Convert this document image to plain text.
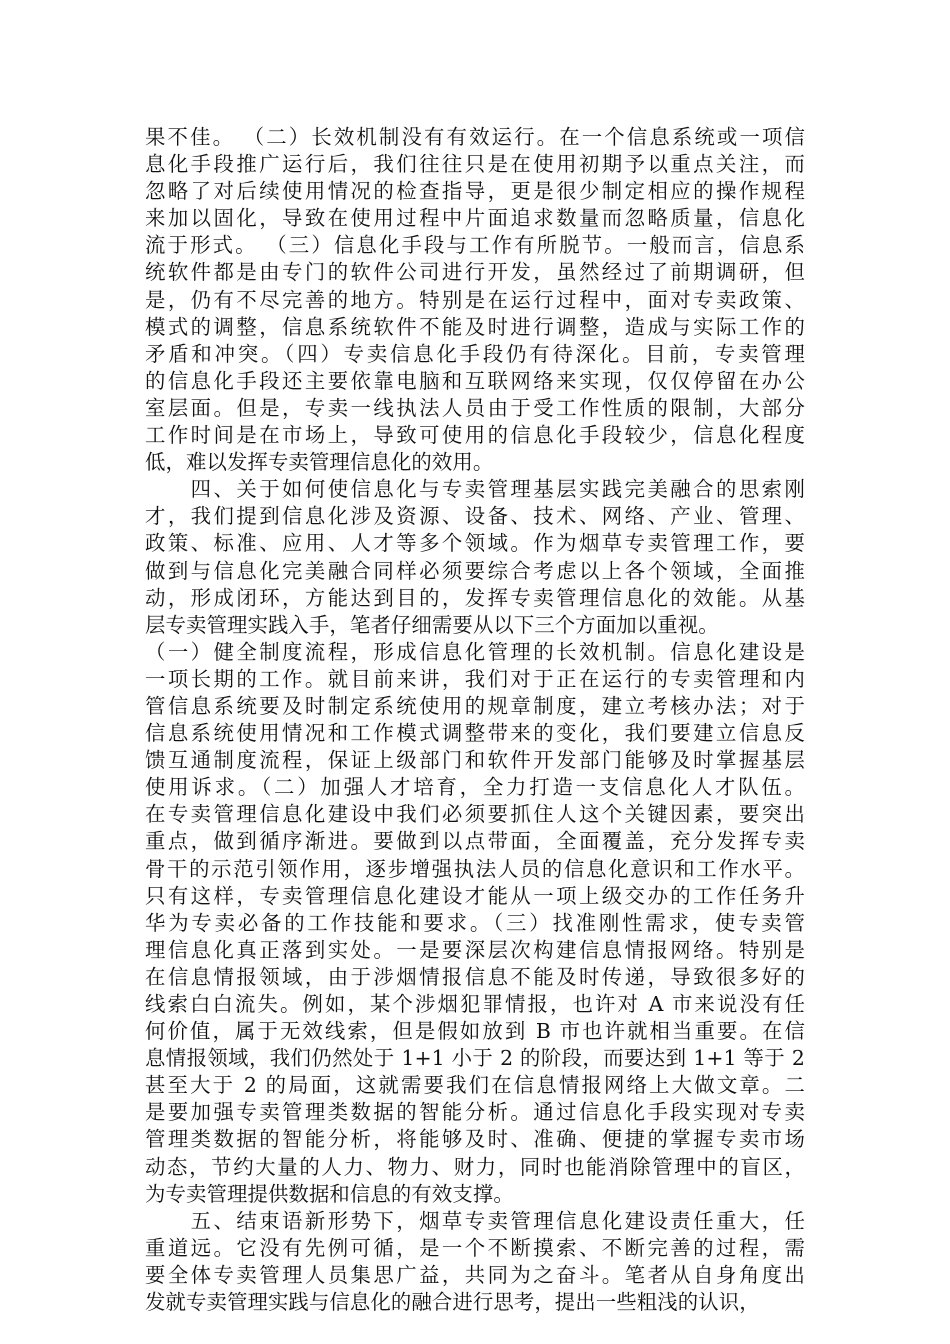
果不佳。 （二）长效机制没有有效运行。在一个信息系统或一项信
息化手段推广运行后，我们往往只是在使用初期予以重点关注，而
忽略了对后续使用情况的检查指导，更是很少制定相应的操作规程
来加以固化，导致在使用过程中片面追求数量而忽略质量，信息化
流于形式。 （三）信息化手段与工作有所脱节。一般而言，信息系
统软件都是由专门的软件公司进行开发，虽然经过了前期调研，但
是，仍有不尽完善的地方。特别是在运行过程中，面对专卖政策、
模式的调整，信息系统软件不能及时进行调整，造成与实际工作的
矛盾和冲突。（四）专卖信息化手段仍有待深化。目前，专卖管理
的信息化手段还主要依靠电脑和互联网络来实现，仅仅停留在办公
室层面。但是，专卖一线执法人员由于受工作性质的限制，大部分
工作时间是在市场上，导致可使用的信息化手段较少，信息化程度
低，难以发挥专卖管理信息化的效用。
　　四、关于如何使信息化与专卖管理基层实践完美融合的思索刚
才，我们提到信息化涉及资源、设备、技术、网络、产业、管理、
政策、标准、应用、人才等多个领域。作为烟草专卖管理工作，要
做到与信息化完美融合同样必须要综合考虑以上各个领域，全面推
动，形成闭环，方能达到目的，发挥专卖管理信息化的效能。从基
层专卖管理实践入手，笔者仔细需要从以下三个方面加以重视。
（一）健全制度流程，形成信息化管理的长效机制。信息化建设是
一项长期的工作。就目前来讲，我们对于正在运行的专卖管理和内
管信息系统要及时制定系统使用的规章制度，建立考核办法；对于
信息系统使用情况和工作模式调整带来的变化，我们要建立信息反
馈互通制度流程，保证上级部门和软件开发部门能够及时掌握基层
使用诉求。（二）加强人才培育，全力打造一支信息化人才队伍。
在专卖管理信息化建设中我们必须要抓住人这个关键因素，要突出
重点，做到循序渐进。要做到以点带面，全面覆盖，充分发挥专卖
骨干的示范引领作用，逐步增强执法人员的信息化意识和工作水平。
只有这样，专卖管理信息化建设才能从一项上级交办的工作任务升
华为专卖必备的工作技能和要求。（三）找准刚性需求，使专卖管
理信息化真正落到实处。一是要深层次构建信息情报网络。特别是
在信息情报领域，由于涉烟情报信息不能及时传递，导致很多好的
线索白白流失。例如，某个涉烟犯罪情报，也许对 A 市来说没有任
何价值，属于无效线索，但是假如放到 B 市也许就相当重要。在信
息情报领域，我们仍然处于 1+1 小于 2 的阶段，而要达到 1+1 等于 2
甚至大于 2 的局面，这就需要我们在信息情报网络上大做文章。二
是要加强专卖管理类数据的智能分析。通过信息化手段实现对专卖
管理类数据的智能分析，将能够及时、准确、便捷的掌握专卖市场
动态，节约大量的人力、物力、财力，同时也能消除管理中的盲区，
为专卖管理提供数据和信息的有效支撑。
　　五、结束语新形势下，烟草专卖管理信息化建设责任重大，任
重道远。它没有先例可循，是一个不断摸索、不断完善的过程，需
要全体专卖管理人员集思广益，共同为之奋斗。笔者从自身角度出
发就专卖管理实践与信息化的融合进行思考，提出一些粗浅的认识，
